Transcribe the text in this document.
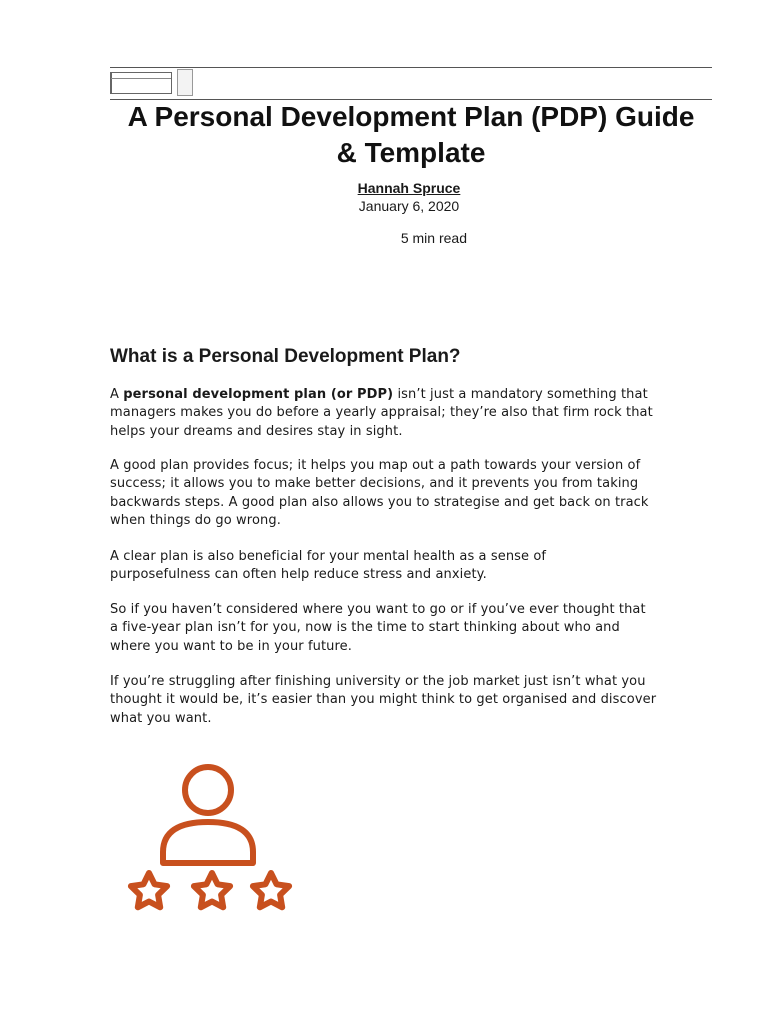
A Personal Development Plan (PDP) Guide
& Template
Hannah Spruce
January 6, 2020
5 min read
What is a Personal Development Plan?

A personal development plan (or PDP) isn’t just a mandatory something that
managers makes you do before a yearly appraisal; they’re also that firm rock that
helps your dreams and desires stay in sight.

A good plan provides focus; it helps you map out a path towards your version of
success; it allows you to make better decisions, and it prevents you from taking
backwards steps. A good plan also allows you to strategise and get back on track
when things do go wrong.

A clear plan is also beneficial for your mental health as a sense of
purposefulness can often help reduce stress and anxiety.

So if you haven’t considered where you want to go or if you’ve ever thought that
a five-year plan isn’t for you, now is the time to start thinking about who and
where you want to be in your future.

If you’re struggling after finishing university or the job market just isn’t what you
thought it would be, it’s easier than you might think to get organised and discover
what you want.
